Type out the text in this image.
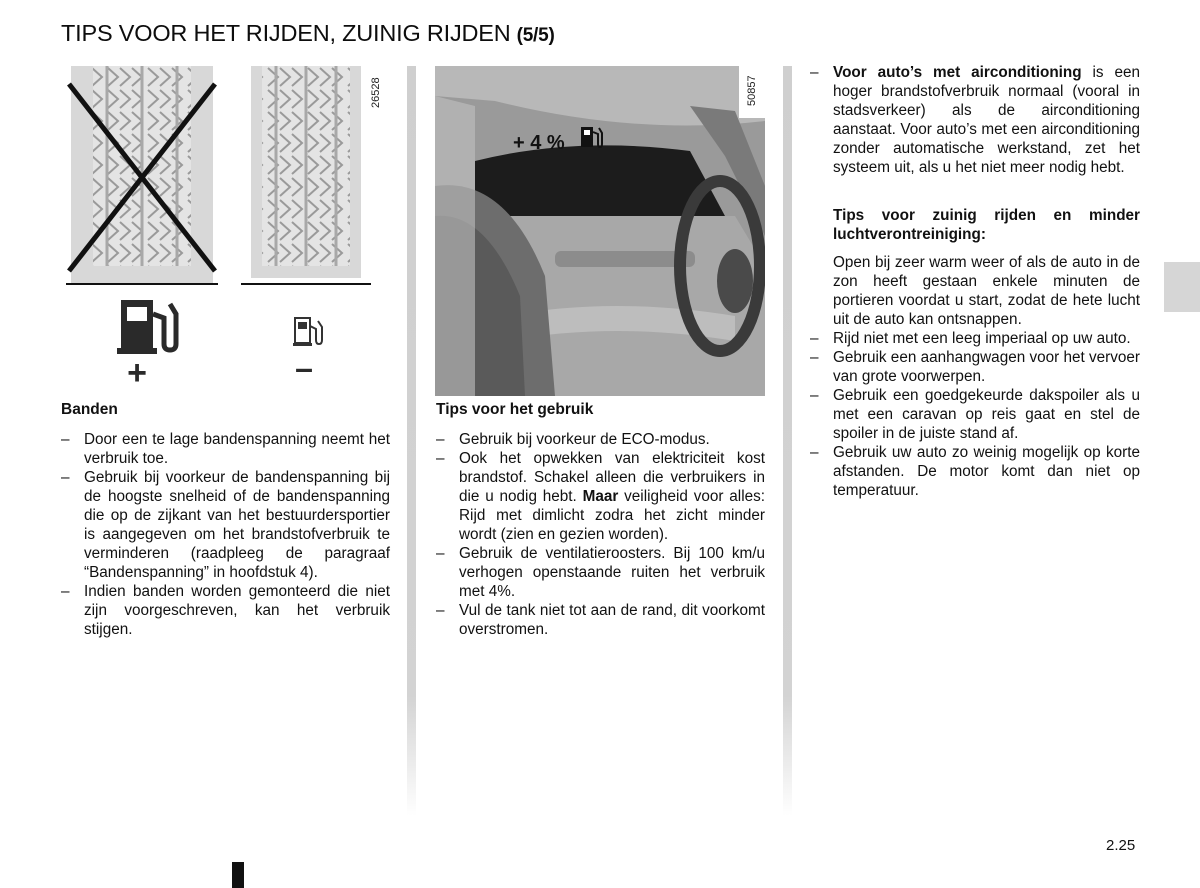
TIPS VOOR HET RIJDEN, ZUINIG RIJDEN (5/5)
+	–
26528
+ 4 %
50857
Banden
– Door een te lage bandenspanning neemt het verbruik toe.
– Gebruik bij voorkeur de bandenspanning bij de hoogste snelheid of de bandenspanning die op de zijkant van het bestuurdersportier is aangegeven om het brandstofverbruik te verminderen (raadpleeg de paragraaf “Bandenspanning” in hoofdstuk 4).
– Indien banden worden gemonteerd die niet zijn voorgeschreven, kan het verbruik stijgen.
Tips voor het gebruik
– Gebruik bij voorkeur de ECO-modus.
– Ook het opwekken van elektriciteit kost brandstof. Schakel alleen die verbruikers in die u nodig hebt. Maar veiligheid voor alles: Rijd met dimlicht zodra het zicht minder wordt (zien en gezien worden).
– Gebruik de ventilatieroosters. Bij 100 km/u verhogen openstaande ruiten het verbruik met 4%.
– Vul de tank niet tot aan de rand, dit voorkomt overstromen.
– Voor auto’s met airconditioning is een hoger brandstofverbruik normaal (vooral in stadsverkeer) als de airconditioning aanstaat. Voor auto’s met een airconditioning zonder automatische werkstand, zet het systeem uit, als u het niet meer nodig hebt.
Tips voor zuinig rijden en minder luchtverontreiniging:
Open bij zeer warm weer of als de auto in de zon heeft gestaan enkele minuten de portieren voordat u start, zodat de hete lucht uit de auto kan ontsnappen.
– Rijd niet met een leeg imperiaal op uw auto.
– Gebruik een aanhangwagen voor het vervoer van grote voorwerpen.
– Gebruik een goedgekeurde dakspoiler als u met een caravan op reis gaat en stel de spoiler in de juiste stand af.
– Gebruik uw auto zo weinig mogelijk op korte afstanden. De motor komt dan niet op temperatuur.
2.25
